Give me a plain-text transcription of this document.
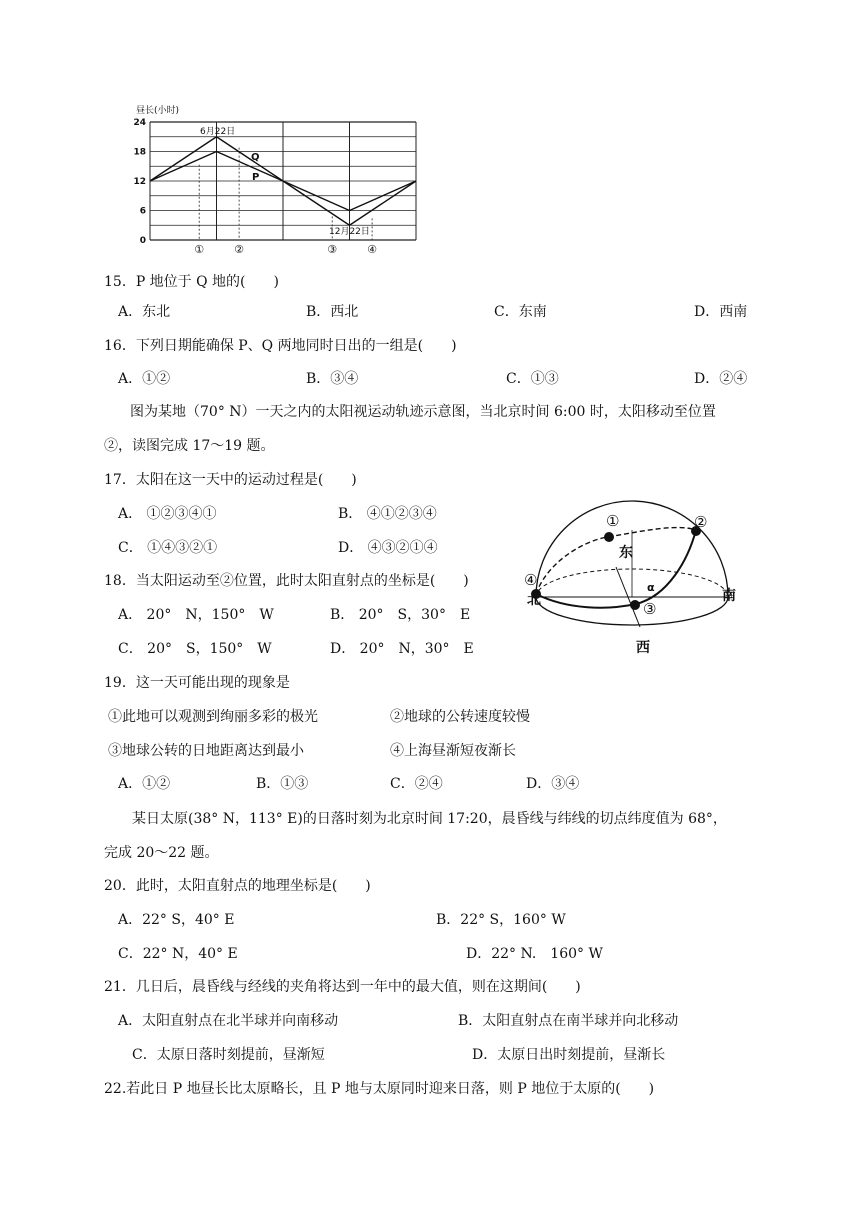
昼长(小时)
24
18
12
6
0
①	②	③	④
6月22日
12月22日
Q
P
15．P 地位于 Q 地的(　　)
A．东北	B．西北	C．东南	D．西南
16．下列日期能确保 P、Q 两地同时日出的一组是(　　)
A．①②	B．③④	C．①③	D．②④
图为某地（70° N）一天之内的太阳视运动轨迹示意图，当北京时间 6:00 时，太阳移动至位置
②，读图完成 17～19 题。
17．太阳在这一天中的运动过程是(　　)
A． ①②③④①	B． ④①②③④
C． ①④③②①	D． ④③②①④
18．当太阳运动至②位置，此时太阳直射点的坐标是(　　)
A． 20°　N，150°　W	B． 20°　S，30°　E
C． 20°　S，150°　W	D． 20°　N，30°　E
①	②
③
④
东
西
北	南
α
19．这一天可能出现的现象是
①此地可以观测到绚丽多彩的极光	②地球的公转速度较慢
③地球公转的日地距离达到最小	④上海昼渐短夜渐长
A．①②	B．①③	C．②④	D．③④
某日太原(38° N，113° E)的日落时刻为北京时间 17:20，晨昏线与纬线的切点纬度值为 68°，
完成 20～22 题。
20．此时，太阳直射点的地理坐标是(　　)
A．22° S，40° E	B．22° S，160° W
C．22° N，40° E	D．22° N.　160° W
21．几日后，晨昏线与经线的夹角将达到一年中的最大值，则在这期间(　　)
A．太阳直射点在北半球并向南移动	B．太阳直射点在南半球并向北移动
C．太原日落时刻提前，昼渐短	D．太原日出时刻提前，昼渐长
22.若此日 P 地昼长比太原略长，且 P 地与太原同时迎来日落，则 P 地位于太原的(　　)
